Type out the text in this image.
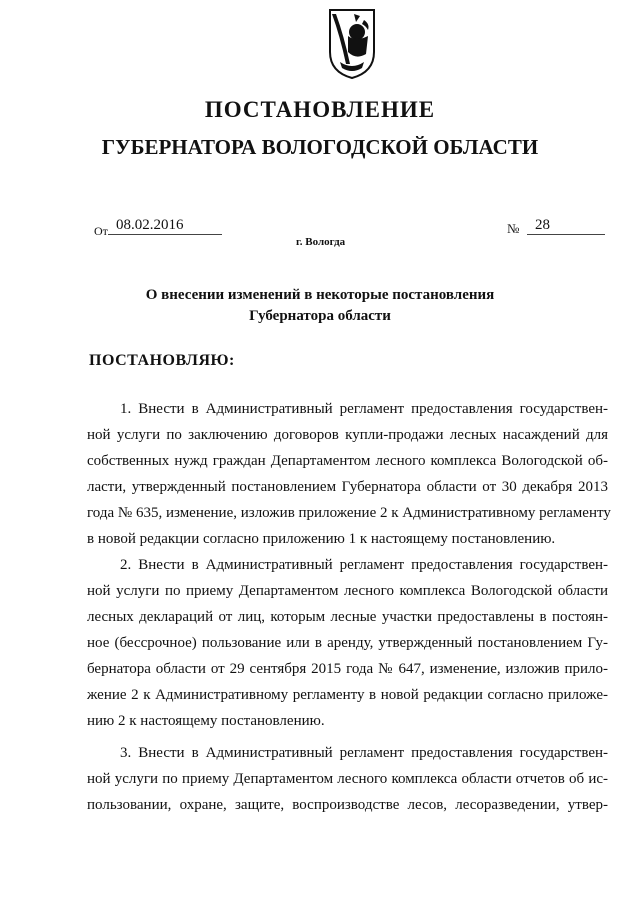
ПОСТАНОВЛЕНИЕ
ГУБЕРНАТОРА ВОЛОГОДСКОЙ ОБЛАСТИ
От 08.02.2016	№	28
г. Вологда
О внесении изменений в некоторые постановления
Губернатора области
ПОСТАНОВЛЯЮ:
1. Внести в Административный регламент предоставления государствен-
ной услуги по заключению договоров купли-продажи лесных насаждений для
собственных нужд граждан Департаментом лесного комплекса Вологодской об-
ласти, утвержденный постановлением Губернатора области от 30 декабря 2013
года № 635, изменение, изложив приложение 2 к Административному регламенту
в новой редакции согласно приложению 1 к настоящему постановлению.
2. Внести в Административный регламент предоставления государствен-
ной услуги по приему Департаментом лесного комплекса Вологодской области
лесных деклараций от лиц, которым лесные участки предоставлены в постоян-
ное (бессрочное) пользование или в аренду, утвержденный постановлением Гу-
бернатора области от 29 сентября 2015 года № 647, изменение, изложив прило-
жение 2 к Административному регламенту в новой редакции согласно приложе-
нию 2 к настоящему постановлению.
3. Внести в Административный регламент предоставления государствен-
ной услуги по приему Департаментом лесного комплекса области отчетов об ис-
пользовании, охране, защите, воспроизводстве лесов, лесоразведении, утвер-
